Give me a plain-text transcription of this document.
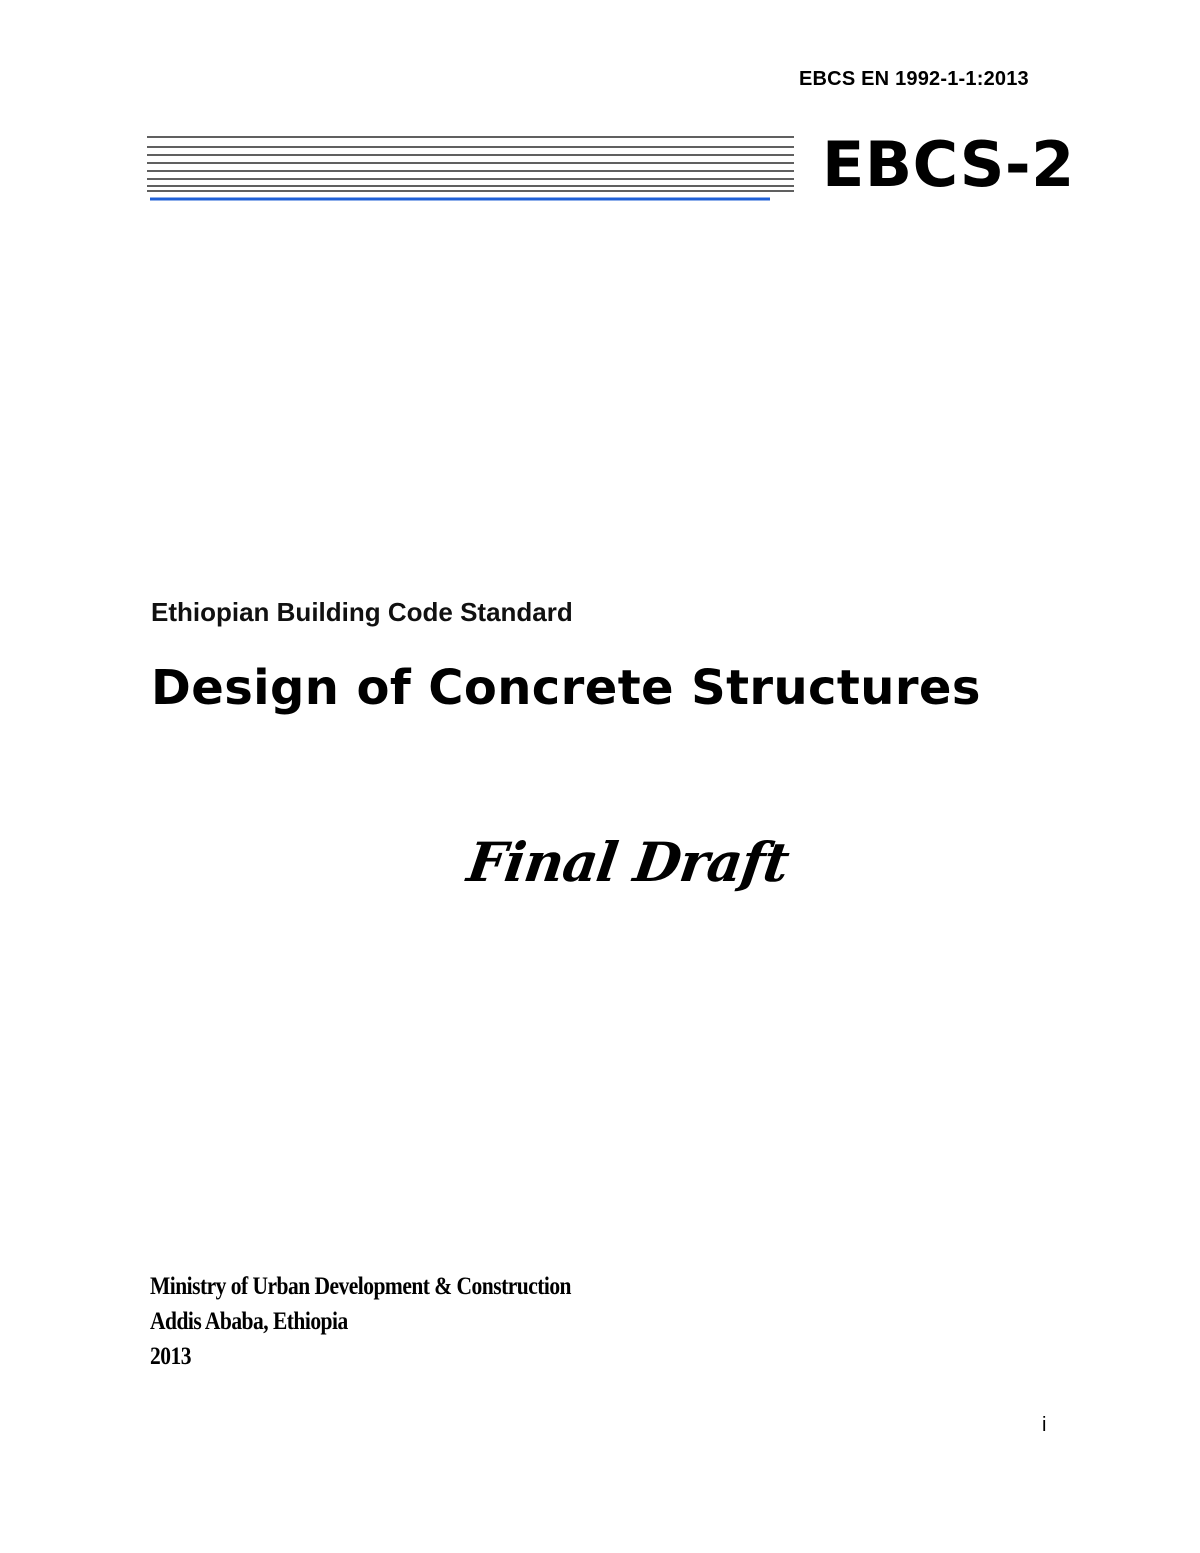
EBCS EN 1992-1-1:2013
EBCS-2
Ethiopian Building Code Standard
Design of Concrete Structures
Final Draft
Ministry of Urban Development & Construction
Addis Ababa, Ethiopia
2013
i
